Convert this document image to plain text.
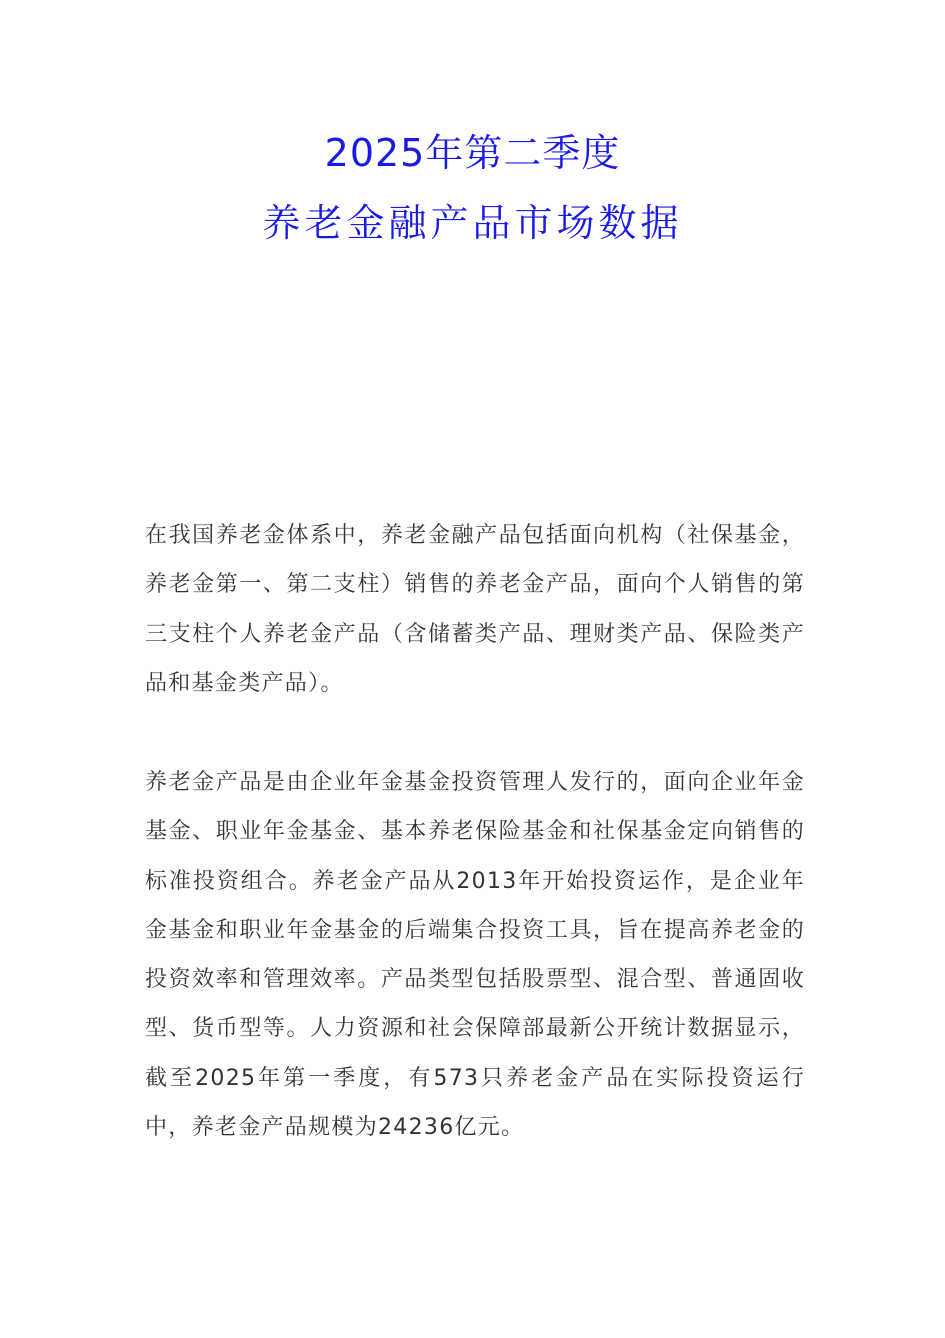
2025年第二季度
养老金融产品市场数据

在我国养老金体系中，养老金融产品包括面向机构（社保基金，养老金第一、第二支柱）销售的养老金产品，面向个人销售的第三支柱个人养老金产品（含储蓄类产品、理财类产品、保险类产品和基金类产品）。

养老金产品是由企业年金基金投资管理人发行的，面向企业年金基金、职业年金基金、基本养老保险基金和社保基金定向销售的标准投资组合。养老金产品从2013年开始投资运作，是企业年金基金和职业年金基金的后端集合投资工具，旨在提高养老金的投资效率和管理效率。产品类型包括股票型、混合型、普通固收型、货币型等。人力资源和社会保障部最新公开统计数据显示，截至2025年第一季度，有573只养老金产品在实际投资运行中，养老金产品规模为24236亿元。
